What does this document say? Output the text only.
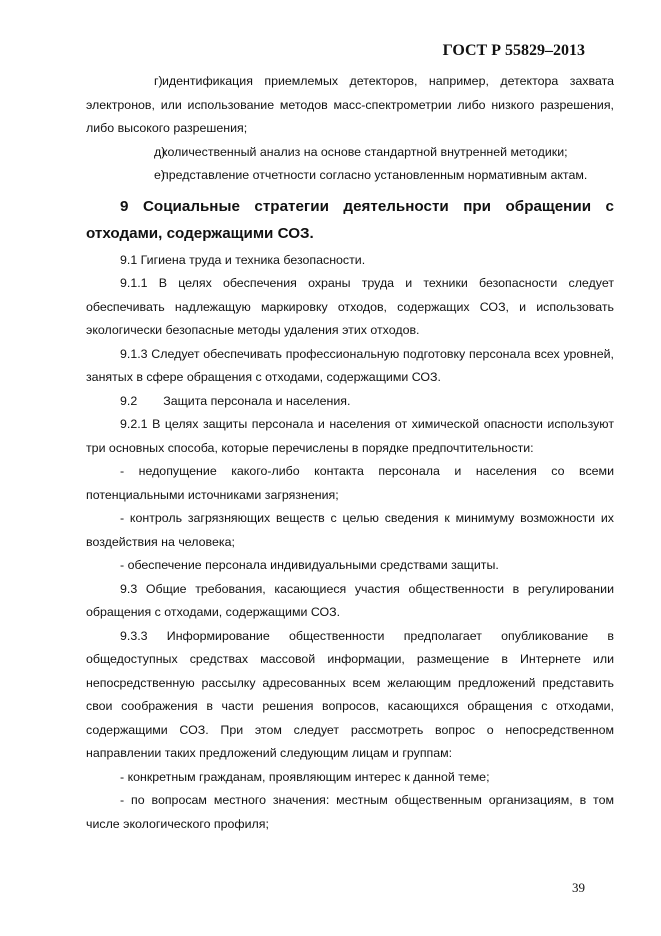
ГОСТ Р 55829–2013

г)идентификация приемлемых детекторов, например, детектора захвата электронов, или использование методов масс-спектрометрии либо низкого разрешения, либо высокого разрешения;

д)количественный анализ на основе стандартной внутренней методики;

е)представление отчетности согласно установленным нормативным актам.

9 Социальные стратегии деятельности при обращении с отходами, содержащими СОЗ.

9.1 Гигиена труда и техника безопасности.

9.1.1 В целях обеспечения охраны труда и техники безопасности следует обеспечивать надлежащую маркировку отходов, содержащих СОЗ, и использовать экологически безопасные методы удаления этих отходов.

9.1.3 Следует обеспечивать профессиональную подготовку персонала всех уровней, занятых в сфере обращения с отходами, содержащими СОЗ.

9.2 Защита персонала и населения.

9.2.1 В целях защиты персонала и населения от химической опасности используют три основных способа, которые перечислены в порядке предпочтительности:

- недопущение какого-либо контакта персонала и населения со всеми потенциальными источниками загрязнения;

- контроль загрязняющих веществ с целью сведения к минимуму возможности их воздействия на человека;

- обеспечение персонала индивидуальными средствами защиты.

9.3 Общие требования, касающиеся участия общественности в регулировании обращения с отходами, содержащими СОЗ.

9.3.3 Информирование общественности предполагает опубликование в общедоступных средствах массовой информации, размещение в Интернете или непосредственную рассылку адресованных всем желающим предложений представить свои соображения в части решения вопросов, касающихся обращения с отходами, содержащими СОЗ. При этом следует рассмотреть вопрос о непосредственном направлении таких предложений следующим лицам и группам:

- конкретным гражданам, проявляющим интерес к данной теме;

- по вопросам местного значения: местным общественным организациям, в том числе экологического профиля;

39
